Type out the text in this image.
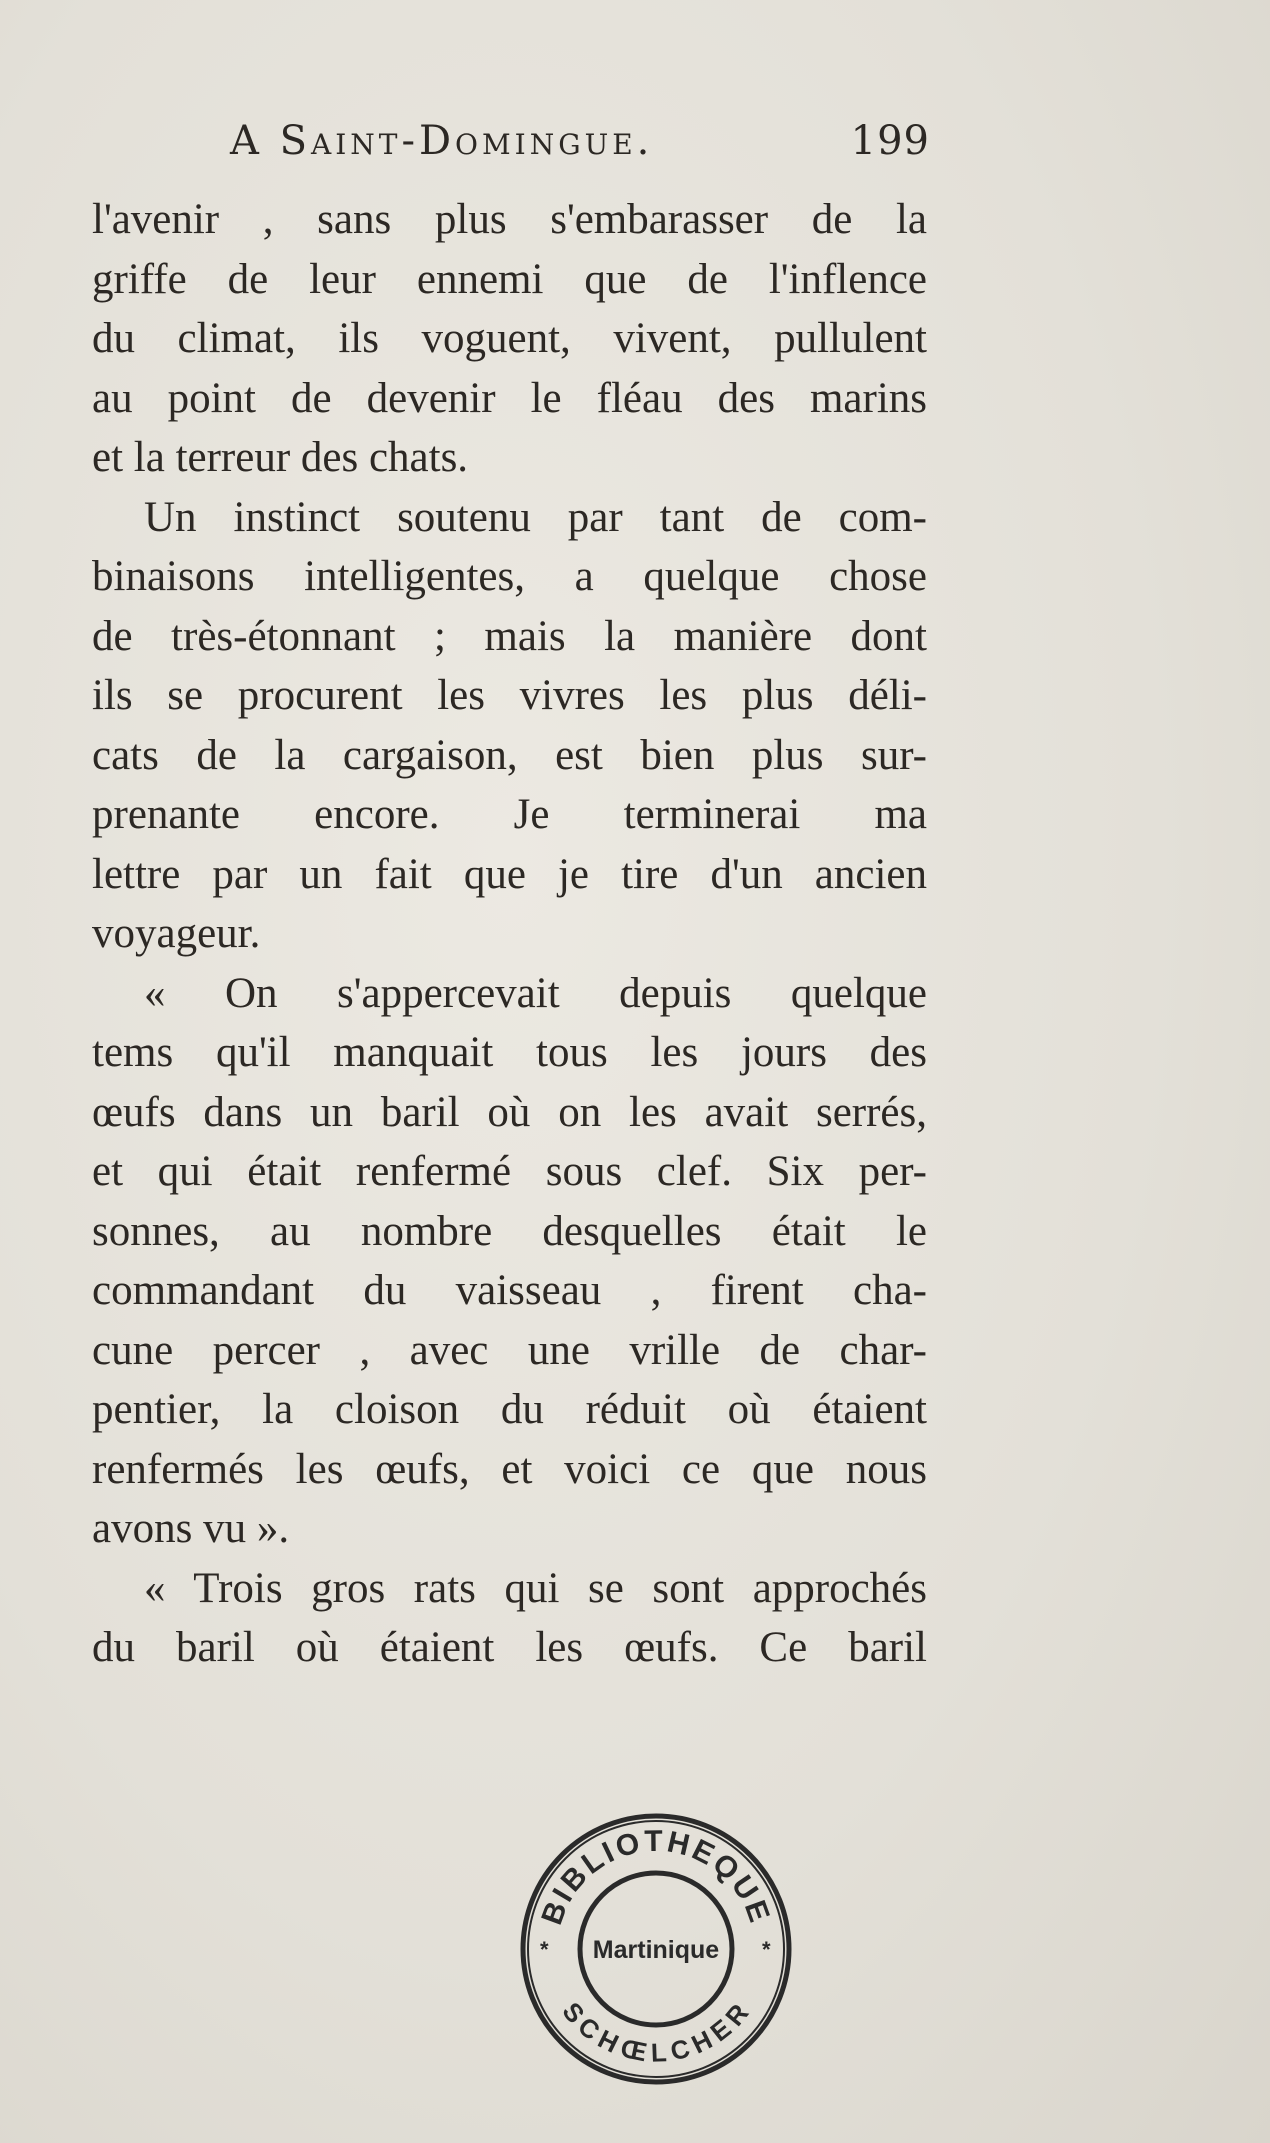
A Saint-Domingue.	199
l'avenir , sans plus s'embarasser de la
griffe de leur ennemi que de l'inflence
du climat, ils voguent, vivent, pullulent
au point de devenir le fléau des marins
et la terreur des chats.
Un instinct soutenu par tant de com-
binaisons intelligentes, a quelque chose
de très-étonnant ; mais la manière dont
ils se procurent les vivres les plus déli-
cats de la cargaison, est bien plus sur-
prenante encore. Je terminerai ma
lettre par un fait que je tire d'un ancien
voyageur.
« On s'appercevait depuis quelque
tems qu'il manquait tous les jours des
œufs dans un baril où on les avait serrés,
et qui était renfermé sous clef. Six per-
sonnes, au nombre desquelles était le
commandant du vaisseau , firent cha-
cune percer , avec une vrille de char-
pentier, la cloison du réduit où étaient
renfermés les œufs, et voici ce que nous
avons vu ».
« Trois gros rats qui se sont approchés
du baril où étaient les œufs. Ce baril
BIBLIOTHEQUE
SCHŒLCHER
*	*
Martinique
